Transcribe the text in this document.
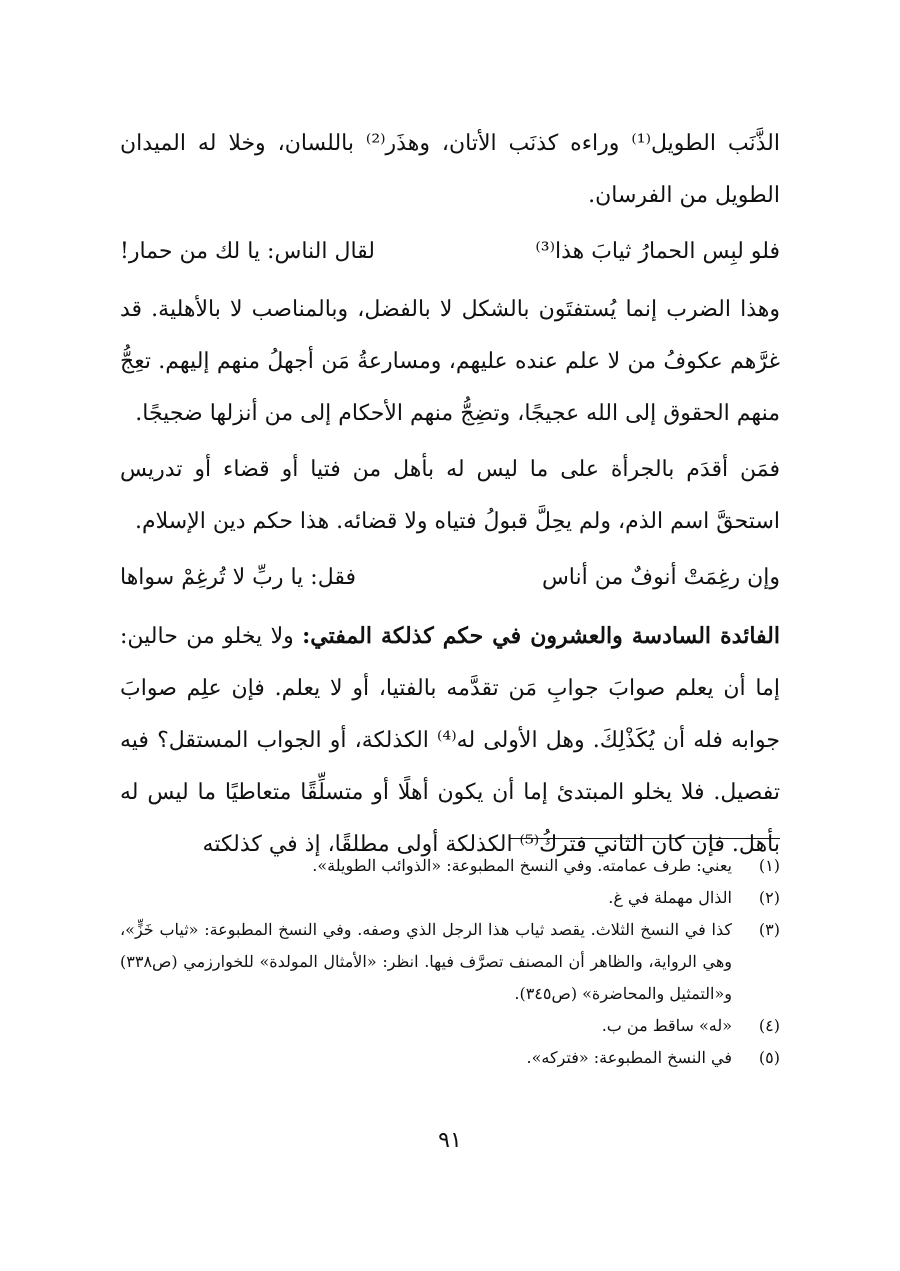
الذَّنَب الطويل⁽¹⁾ وراءه كذنَب الأتان، وهذَر⁽²⁾ باللسان، وخلا له الميدان الطويل من الفرسان.

فلو لبِس الحمارُ ثيابَ هذا⁽³⁾
لقال الناس: يا لك من حمار!

وهذا الضرب إنما يُستفتَون بالشكل لا بالفضل، وبالمناصب لا بالأهلية. قد غرَّهم عكوفُ من لا علم عنده عليهم، ومسارعةُ مَن أجهلُ منهم إليهم. تعِجُّ منهم الحقوق إلى الله عجيجًا، وتضِجُّ منهم الأحكام إلى من أنزلها ضجيجًا.

فمَن أقدَم بالجرأة على ما ليس له بأهل من فتيا أو قضاء أو تدريس استحقَّ اسم الذم، ولم يحِلَّ قبولُ فتياه ولا قضائه. هذا حكم دين الإسلام.

وإن رغِمَتْ أنوفٌ من أناس
فقل: يا ربِّ لا تُرغِمْ سواها

الفائدة السادسة والعشرون في حكم كذلكة المفتي: ولا يخلو من حالين: إما أن يعلم صوابَ جوابِ مَن تقدَّمه بالفتيا، أو لا يعلم. فإن علِم صوابَ جوابه فله أن يُكَذْلِكَ. وهل الأولى له⁽⁴⁾ الكذلكة، أو الجواب المستقل؟ فيه تفصيل. فلا يخلو المبتدئ إما أن يكون أهلًا أو متسلِّقًا متعاطيًا ما ليس له بأهل. فإن كان الثاني فتركُ⁽⁵⁾ الكذلكة أولى مطلقًا، إذ في كذلكته

(١)
يعني: طرف عمامته. وفي النسخ المطبوعة: «الذوائب الطويلة».
(٢)
الذال مهملة في غ.
(٣)
كذا في النسخ الثلاث. يقصد ثياب هذا الرجل الذي وصفه. وفي النسخ المطبوعة: «ثياب خَزٍّ»، وهي الرواية، والظاهر أن المصنف تصرَّف فيها. انظر: «الأمثال المولدة» للخوارزمي (ص٣٣٨) و«التمثيل والمحاضرة» (ص٣٤٥).
(٤)
«له» ساقط من ب.
(٥)
في النسخ المطبوعة: «فتركه».
٩١
